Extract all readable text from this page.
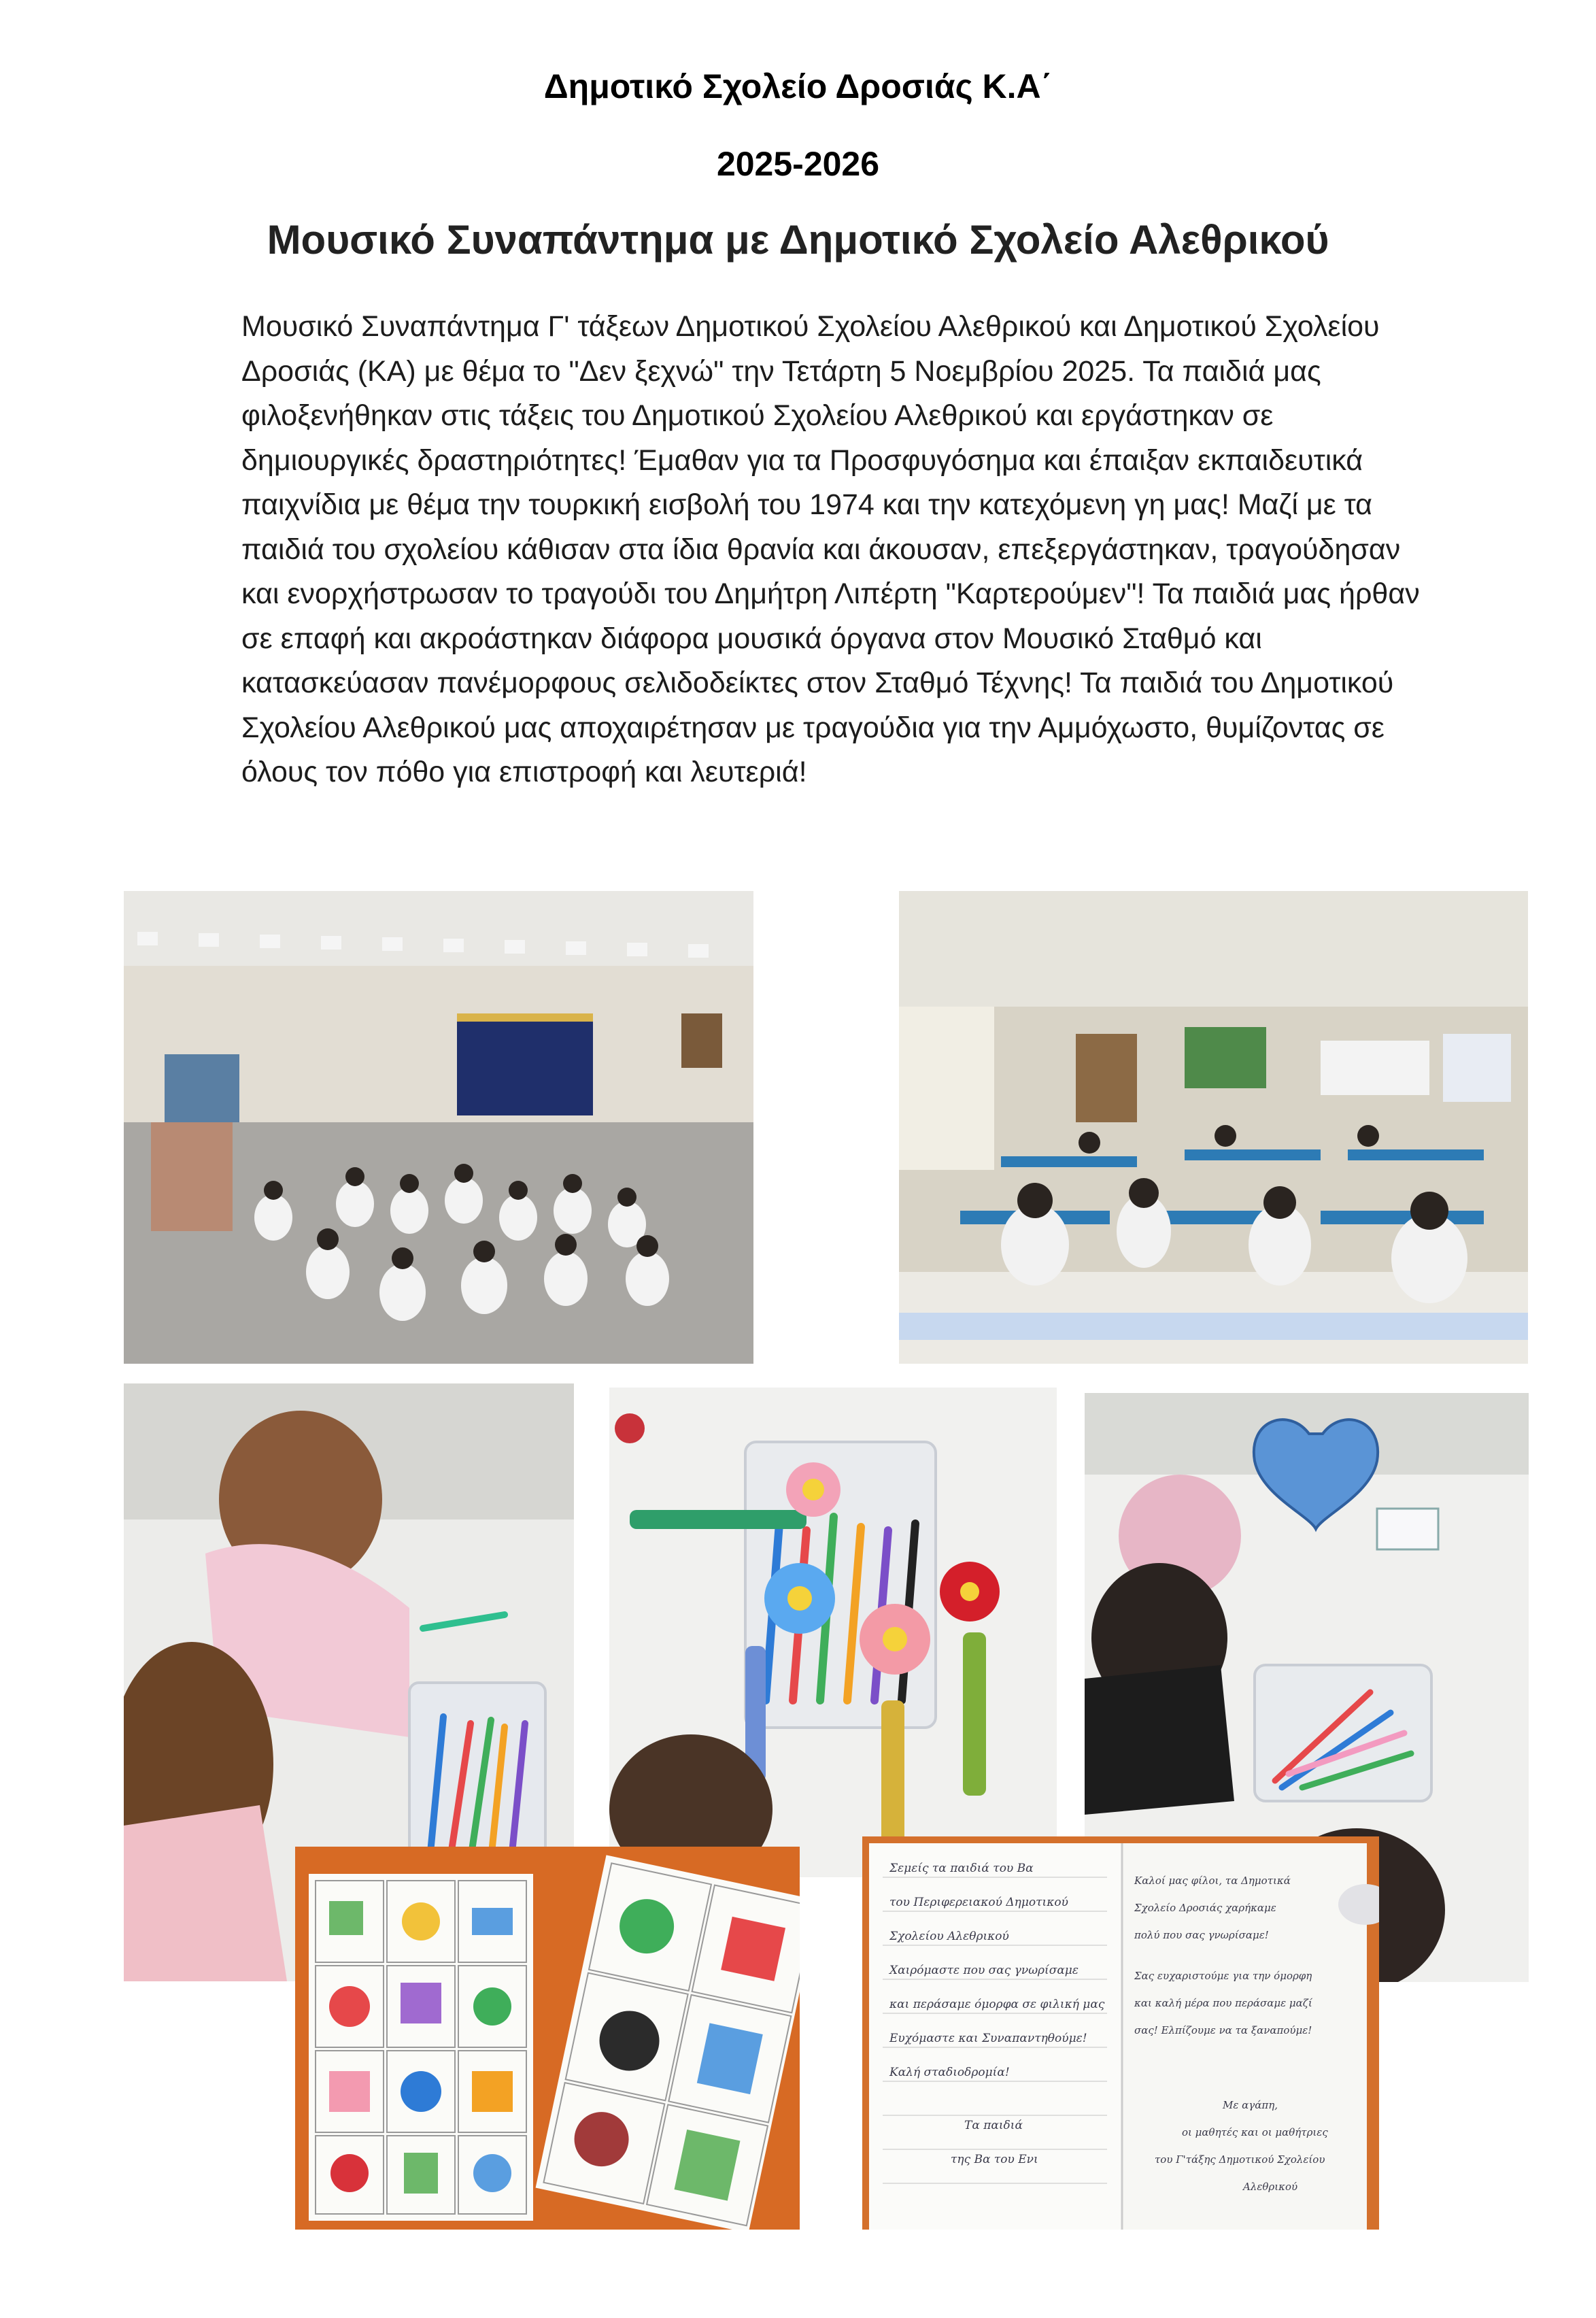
Δημοτικό Σχολείο Δροσιάς Κ.Α΄
2025-2026
Μουσικό Συναπάντημα με Δημοτικό Σχολείο Αλεθρικού

Μουσικό Συναπάντημα Γ' τάξεων Δημοτικού Σχολείου Αλεθρικού και Δημοτικού Σχολείου Δροσιάς (ΚΑ) με θέμα το "Δεν ξεχνώ" την Τετάρτη 5 Νοεμβρίου 2025. Τα παιδιά μας φιλοξενήθηκαν στις τάξεις του Δημοτικού Σχολείου Αλεθρικού και εργάστηκαν σε δημιουργικές δραστηριότητες! Έμαθαν για τα Προσφυγόσημα και έπαιξαν εκπαιδευτικά παιχνίδια με θέμα την τουρκική εισβολή του 1974 και την κατεχόμενη γη μας! Μαζί με τα παιδιά του σχολείου κάθισαν στα ίδια θρανία και άκουσαν, επεξεργάστηκαν, τραγούδησαν και ενορχήστρωσαν το τραγούδι του Δημήτρη Λιπέρτη "Καρτερούμεν"! Τα παιδιά μας ήρθαν σε επαφή και ακροάστηκαν διάφορα μουσικά όργανα στον Μουσικό Σταθμό και κατασκεύασαν πανέμορφους σελιδοδείκτες στον Σταθμό Τέχνης! Τα παιδιά του Δημοτικού Σχολείου Αλεθρικού μας αποχαιρέτησαν με τραγούδια για την Αμμόχωστο, θυμίζοντας σε όλους τον πόθο για επιστροφή και λευτεριά!

Σεμείς τα παιδιά του Βα
του Περιφερειακού Δημοτικού
Σχολείου Αλεθρικού
Χαιρόμαστε που σας γνωρίσαμε
και περάσαμε όμορφα σε φιλική μας
Ευχόμαστε και Συναπαντηθούμε!
Καλή σταδιοδρομία!
Τα παιδιά
της Βα του Ενι
Καλοί μας φίλοι, τα Δημοτικά
Σχολείο Δροσιάς χαρήκαμε
πολύ που σας γνωρίσαμε!
Σας ευχαριστούμε για την όμορφη
και καλή μέρα που περάσαμε μαζί
σας! Ελπίζουμε να τα ξαναπούμε!
Με αγάπη,
οι μαθητές και οι μαθήτριες
του Γ'τάξης Δημοτικού Σχολείου
Αλεθρικού
